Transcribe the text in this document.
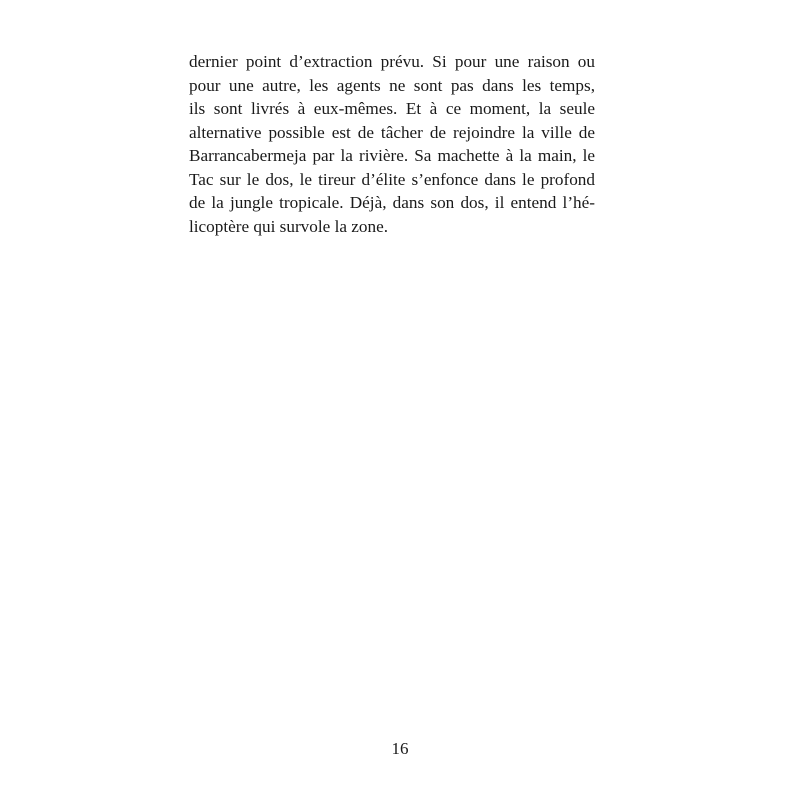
dernier point d’extraction prévu. Si pour une raison ou
pour une autre, les agents ne sont pas dans les temps,
ils sont livrés à eux-mêmes. Et à ce moment, la seule
alternative possible est de tâcher de rejoindre la ville de
Barrancabermeja par la rivière. Sa machette à la main, le
Tac sur le dos, le tireur d’élite s’enfonce dans le profond
de la jungle tropicale. Déjà, dans son dos, il entend l’hé-
licoptère qui survole la zone.
16
